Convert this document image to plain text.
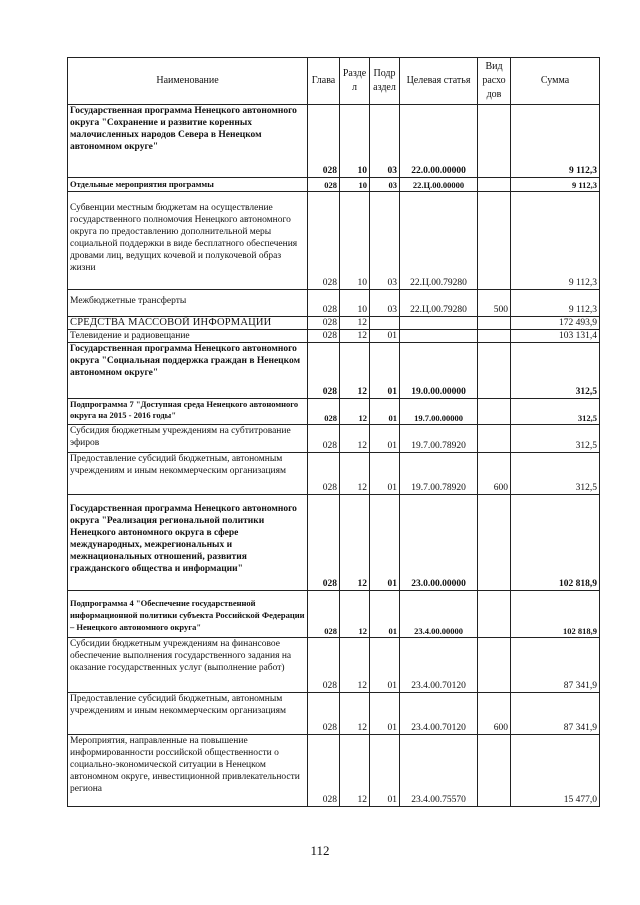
Наименование	Глава	Разде л	Подр аздел	Целевая статья	Вид расхо дов	Сумма
Государственная программа Ненецкого автономного округа "Сохранение и развитие коренных малочисленных народов Севера в Ненецком автономном округе"	028	10	03	22.0.00.00000		9 112,3
Отдельные мероприятия программы	028	10	03	22.Ц.00.00000		9 112,3
Субвенции местным бюджетам на осуществление государственного полномочия Ненецкого автономного округа по предоставлению дополнительной меры социальной поддержки в виде бесплатного обеспечения дровами лиц, ведущих кочевой и полукочевой образ жизни	028	10	03	22.Ц.00.79280		9 112,3
Межбюджетные трансферты	028	10	03	22.Ц.00.79280	500	9 112,3
СРЕДСТВА МАССОВОЙ ИНФОРМАЦИИ	028	12				172 493,9
Телевидение и радиовещание	028	12	01			103 131,4
Государственная программа Ненецкого автономного округа "Социальная поддержка граждан в Ненецком автономном округе"	028	12	01	19.0.00.00000		312,5
Подпрограмма 7 "Доступная среда Ненецкого автономного округа на 2015 - 2016 годы"	028	12	01	19.7.00.00000		312,5
Субсидия бюджетным учреждениям на субтитрование эфиров	028	12	01	19.7.00.78920		312,5
Предоставление субсидий бюджетным, автономным учреждениям и иным некоммерческим организациям	028	12	01	19.7.00.78920	600	312,5
Государственная программа Ненецкого автономного округа "Реализация региональной политики Ненецкого автономного округа в сфере международных, межрегиональных и межнациональных отношений, развития гражданского общества и информации"	028	12	01	23.0.00.00000		102 818,9
Подпрограмма 4 "Обеспечение государственной информационной политики субъекта Российской Федерации – Ненецкого автономного округа"	028	12	01	23.4.00.00000		102 818,9
Субсидии бюджетным учреждениям на финансовое обеспечение выполнения государственного задания на оказание государственных услуг (выполнение работ)	028	12	01	23.4.00.70120		87 341,9
Предоставление субсидий бюджетным, автономным учреждениям и иным некоммерческим организациям	028	12	01	23.4.00.70120	600	87 341,9
Мероприятия, направленные на повышение информированности российской общественности о социально-экономической ситуации в Ненецком автономном округе, инвестиционной привлекательности региона	028	12	01	23.4.00.75570		15 477,0
112
